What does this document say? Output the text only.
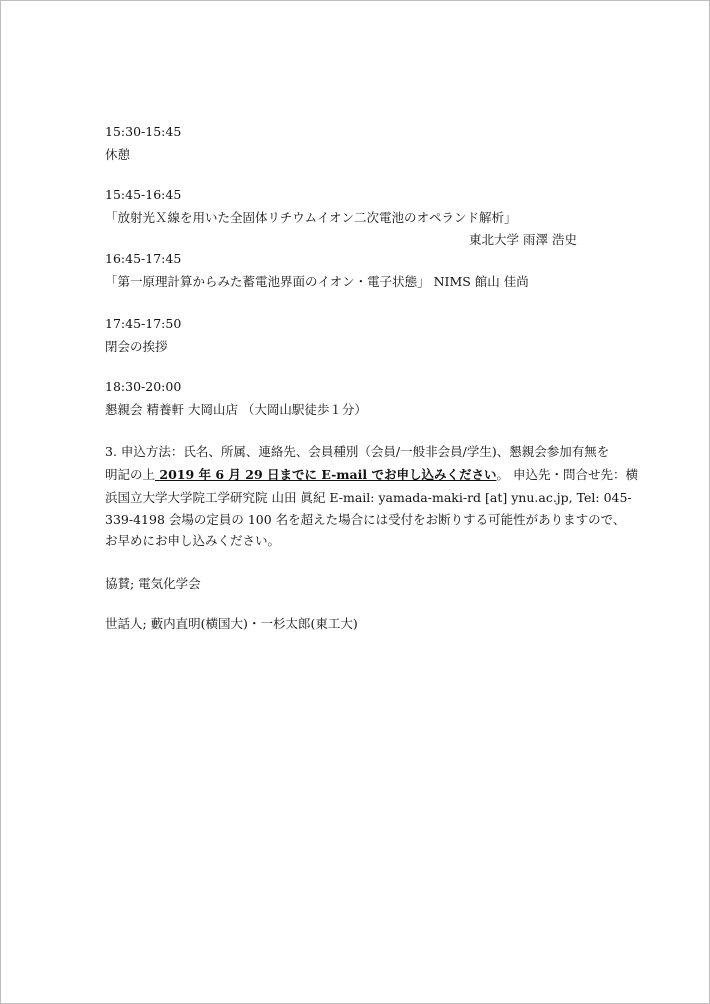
15:30-15:45
休憩
15:45-16:45
「放射光Ｘ線を用いた全固体リチウムイオン二次電池のオペランド解析」
東北大学 雨澤 浩史
16:45-17:45
「第一原理計算からみた蓄電池界面のイオン・電子状態」 NIMS 館山 佳尚
17:45-17:50
閉会の挨拶
18:30-20:00
懇親会 精養軒 大岡山店 （大岡山駅徒歩１分）
3. 申込方法：氏名、所属、連絡先、会員種別（会員/一般非会員/学生)、懇親会参加有無を
明記の上 2019 年 6 月 29 日までに E-mail でお申し込みください。 申込先・問合せ先：横
浜国立大学大学院工学研究院 山田 眞紀 E-mail: yamada-maki-rd [at] ynu.ac.jp, Tel: 045-
339-4198 会場の定員の 100 名を超えた場合には受付をお断りする可能性がありますので、
お早めにお申し込みください。
協賛; 電気化学会
世話人; 藪内直明(横国大)・一杉太郎(東工大)
